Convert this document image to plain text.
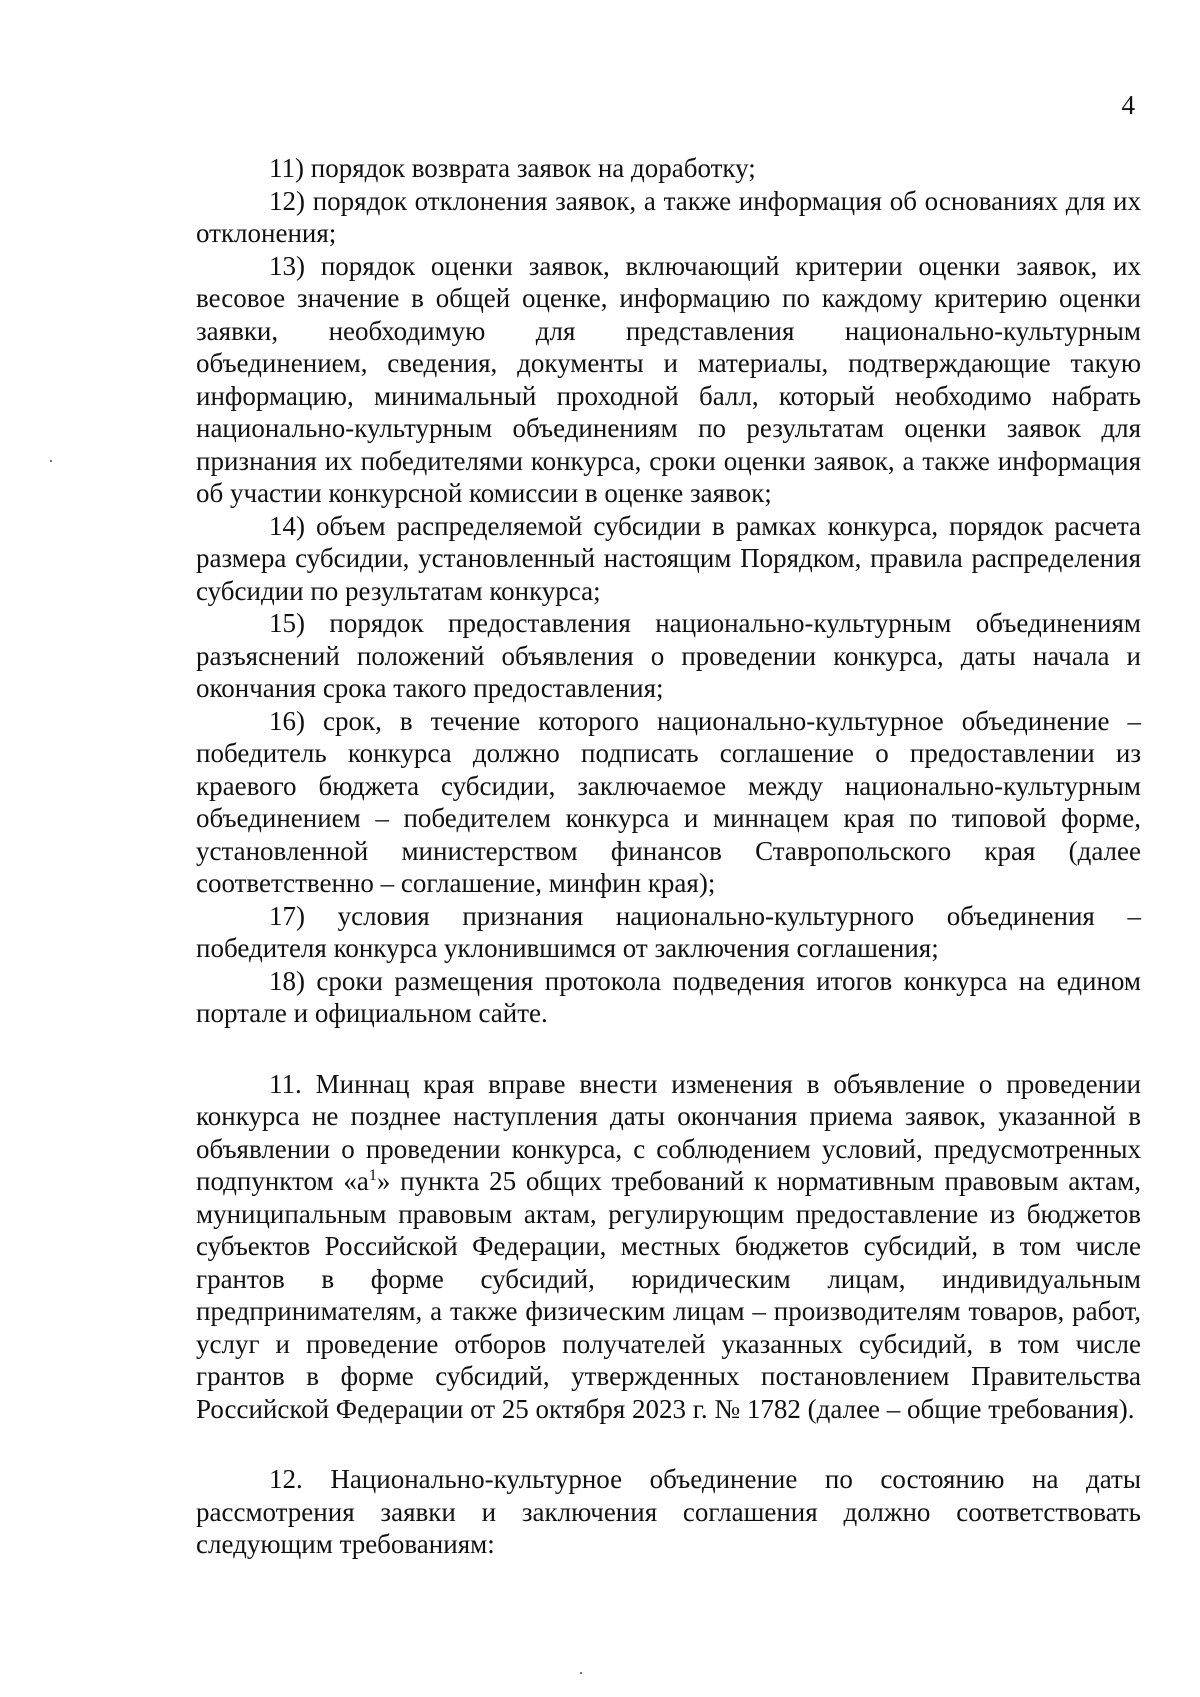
4

11) порядок возврата заявок на доработку;

12) порядок отклонения заявок, а также информация об основаниях для их отклонения;

13) порядок оценки заявок, включающий критерии оценки заявок, их весовое значение в общей оценке, информацию по каждому критерию оценки заявки, необходимую для представления национально-культурным объединением, сведения, документы и материалы, подтверждающие такую информацию, минимальный проходной балл, который необходимо набрать национально-культурным объединениям по результатам оценки заявок для признания их победителями конкурса, сроки оценки заявок, а также информация об участии конкурсной комиссии в оценке заявок;

14) объем распределяемой субсидии в рамках конкурса, порядок расчета размера субсидии, установленный настоящим Порядком, правила распределения субсидии по результатам конкурса;

15) порядок предоставления национально-культурным объединениям разъяснений положений объявления о проведении конкурса, даты начала и окончания срока такого предоставления;

16) срок, в течение которого национально-культурное объединение – победитель конкурса должно подписать соглашение о предоставлении из краевого бюджета субсидии, заключаемое между национально-культурным объединением – победителем конкурса и миннацем края по типовой форме, установленной министерством финансов Ставропольского края (далее соответственно – соглашение, минфин края);

17) условия признания национально-культурного объединения – победителя конкурса уклонившимся от заключения соглашения;

18) сроки размещения протокола подведения итогов конкурса на едином портале и официальном сайте.

11. Миннац края вправе внести изменения в объявление о проведении конкурса не позднее наступления даты окончания приема заявок, указанной в объявлении о проведении конкурса, с соблюдением условий, предусмотренных подпунктом «$а^1$» пункта 25 общих требований к нормативным правовым актам, муниципальным правовым актам, регулирующим предоставление из бюджетов субъектов Российской Федерации, местных бюджетов субсидий, в том числе грантов в форме субсидий, юридическим лицам, индивидуальным предпринимателям, а также физическим лицам – производителям товаров, работ, услуг и проведение отборов получателей указанных субсидий, в том числе грантов в форме субсидий, утвержденных постановлением Правительства Российской Федерации от 25 октября 2023 г. № 1782 (далее – общие требования).

12. Национально-культурное объединение по состоянию на даты рассмотрения заявки и заключения соглашения должно соответствовать следующим требованиям:
